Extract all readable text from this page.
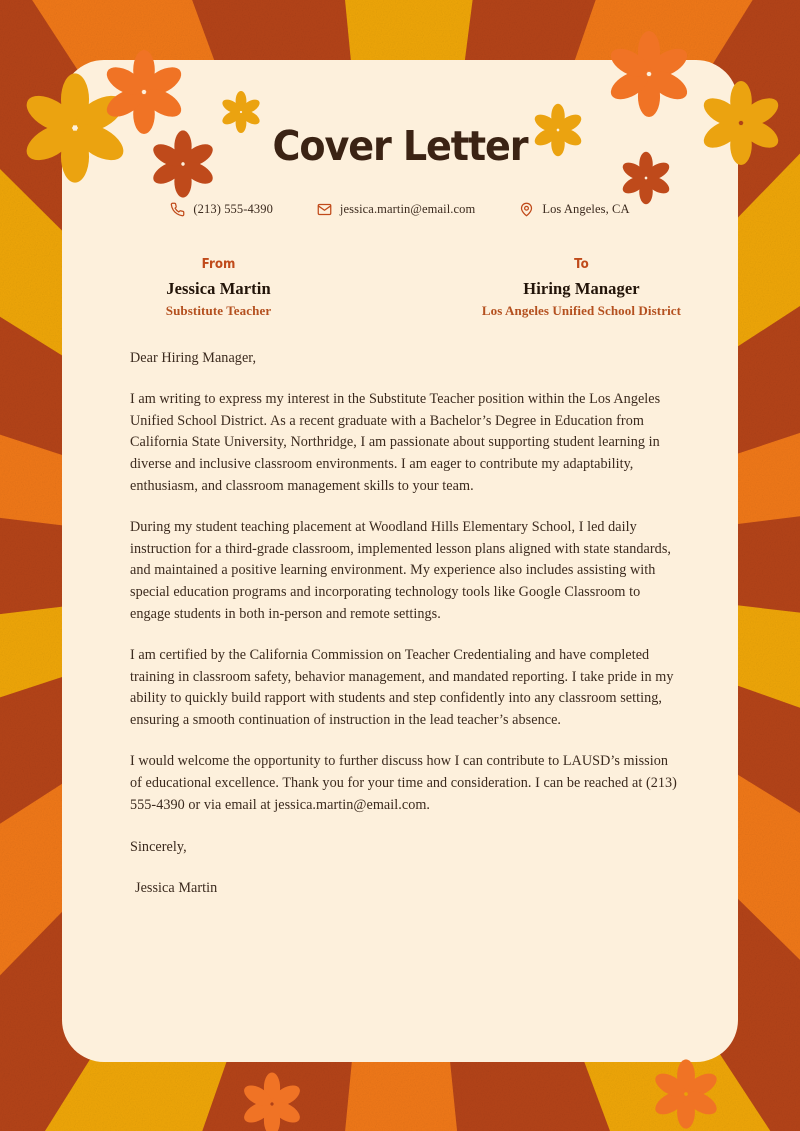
Cover Letter
(213) 555-4390	jessica.martin@email.com	Los Angeles, CA
From
Jessica Martin
Substitute Teacher
To
Hiring Manager
Los Angeles Unified School District

Dear Hiring Manager,

I am writing to express my interest in the Substitute Teacher position within the Los Angeles Unified School District. As a recent graduate with a Bachelor’s Degree in Education from California State University, Northridge, I am passionate about supporting student learning in diverse and inclusive classroom environments. I am eager to contribute my adaptability, enthusiasm, and classroom management skills to your team.

During my student teaching placement at Woodland Hills Elementary School, I led daily instruction for a third-grade classroom, implemented lesson plans aligned with state standards, and maintained a positive learning environment. My experience also includes assisting with special education programs and incorporating technology tools like Google Classroom to engage students in both in-person and remote settings.

I am certified by the California Commission on Teacher Credentialing and have completed training in classroom safety, behavior management, and mandated reporting. I take pride in my ability to quickly build rapport with students and step confidently into any classroom setting, ensuring a smooth continuation of instruction in the lead teacher’s absence.

I would welcome the opportunity to further discuss how I can contribute to LAUSD’s mission of educational excellence. Thank you for your time and consideration. I can be reached at (213) 555-4390 or via email at jessica.martin@email.com.

Sincerely,

Jessica Martin
